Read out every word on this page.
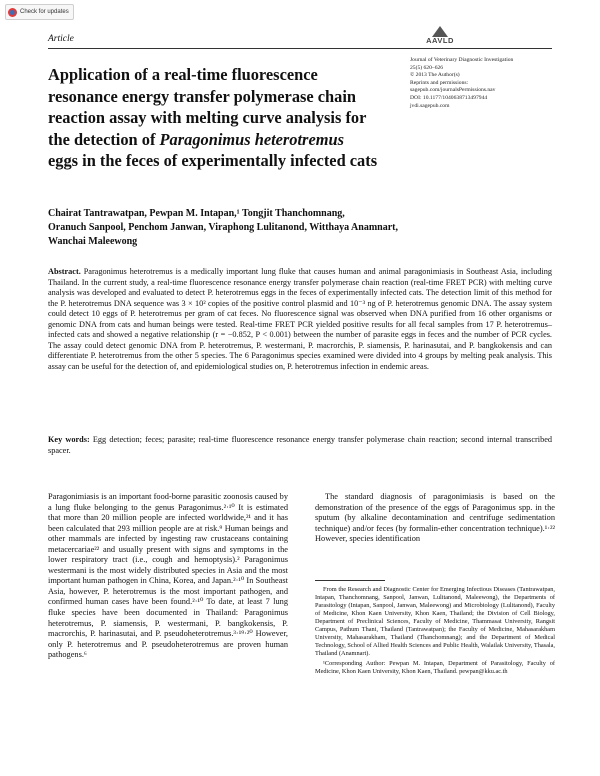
Check for updates
Article	AAVLD
Journal of Veterinary Diagnostic Investigation
25(5) 620–626
© 2013 The Author(s)
Reprints and permissions:
sagepub.com/journalsPermissions.nav
DOI: 10.1177/1040638713497944
jvdi.sagepub.com
Application of a real-time fluorescence
resonance energy transfer polymerase chain
reaction assay with melting curve analysis for
the detection of Paragonimus heterotremus
eggs in the feces of experimentally infected cats
Chairat Tantrawatpan, Pewpan M. Intapan,¹ Tongjit Thanchomnang,
Oranuch Sanpool, Penchom Janwan, Viraphong Lulitanond, Witthaya Anamnart,
Wanchai Maleewong
Abstract. Paragonimus heterotremus is a medically important lung fluke that causes human and animal paragonimiasis in Southeast Asia, including Thailand. In the current study, a real-time fluorescence resonance energy transfer polymerase chain reaction (real-time FRET PCR) with melting curve analysis was developed and evaluated to detect P. heterotremus eggs in the feces of experimentally infected cats. The detection limit of this method for the P. heterotremus DNA sequence was 3 × 10² copies of the positive control plasmid and 10⁻³ ng of P. heterotremus genomic DNA. The assay system could detect 10 eggs of P. heterotremus per gram of cat feces. No fluorescence signal was observed when DNA purified from 16 other organisms or genomic DNA from cats and human beings were tested. Real-time FRET PCR yielded positive results for all fecal samples from 17 P. heterotremus–infected cats and showed a negative relationship (r = −0.852, P < 0.001) between the number of parasite eggs in feces and the number of PCR cycles. The assay could detect genomic DNA from P. heterotremus, P. westermani, P. macrorchis, P. siamensis, P. harinasutai, and P. bangkokensis and can differentiate P. heterotremus from the other 5 species. The 6 Paragonimus species examined were divided into 4 groups by melting peak analysis. This assay can be useful for the detection of, and epidemiological studies on, P. heterotremus infection in endemic areas.
Key words: Egg detection; feces; parasite; real-time fluorescence resonance energy transfer polymerase chain reaction; second internal transcribed spacer.

Paragonimiasis is an important food-borne parasitic zoonosis caused by a lung fluke belonging to the genus Paragonimus.²·¹⁰ It is estimated that more than 20 million people are infected worldwide,²¹ and it has been calculated that 293 million people are at risk.⁹ Human beings and other mammals are infected by ingesting raw crustaceans containing metacercariae²² and usually present with signs and symptoms in the lower respiratory tract (i.e., cough and hemoptysis).² Paragonimus westermani is the most widely distributed species in Asia and the most important human pathogen in China, Korea, and Japan.²·¹⁰ In Southeast Asia, however, P. heterotremus is the most important pathogen, and confirmed human cases have been found.²·¹⁰ To date, at least 7 lung fluke species have been documented in Thailand: Paragonimus heterotremus, P. siamensis, P. westermani, P. bangkokensis, P. macrorchis, P. harinasutai, and P. pseudoheterotremus.³·¹⁹·²⁰ However, only P. heterotremus and P. pseudoheterotremus are proven human pathogens.⁶

The standard diagnosis of paragonimiasis is based on the demonstration of the presence of the eggs of Paragonimus spp. in the sputum (by alkaline decontamination and centrifuge sedimentation technique) and/or feces (by formalin-ether concentration technique).¹·²² However, species identification

From the Research and Diagnostic Center for Emerging Infectious Diseases (Tantrawatpan, Intapan, Thanchomnang, Sanpool, Janwan, Lulitanond, Maleewong), the Departments of Parasitology (Intapan, Sanpool, Janwan, Maleewong) and Microbiology (Lulitanond), Faculty of Medicine, Khon Kaen University, Khon Kaen, Thailand; the Division of Cell Biology, Department of Preclinical Sciences, Faculty of Medicine, Thammasat University, Rangsit Campus, Pathum Thani, Thailand (Tantrawatpan); the Faculty of Medicine, Mahasarakham University, Mahasarakham, Thailand (Thanchomnang); and the Department of Medical Technology, School of Allied Health Sciences and Public Health, Walailak University, Thasala, Thailand (Anamnart).

¹Corresponding Author: Pewpan M. Intapan, Department of Parasitology, Faculty of Medicine, Khon Kaen University, Khon Kaen, Thailand. pewpan@kku.ac.th
